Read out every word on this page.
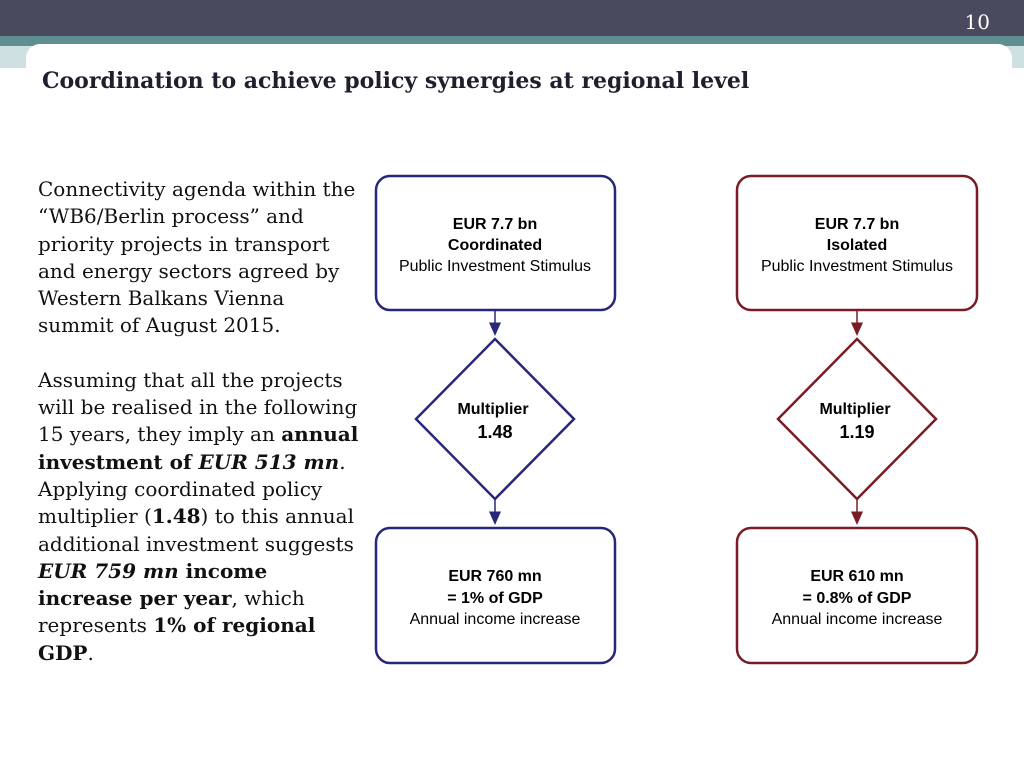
10
Coordination to achieve policy synergies at regional level

Connectivity agenda within the “WB6/Berlin process” and priority projects in transport and energy sectors agreed by Western Balkans Vienna summit of August 2015.

Assuming that all the projects will be realised in the following 15 years, they imply an annual investment of EUR 513 mn. Applying coordinated policy multiplier (1.48) to this annual additional investment suggests EUR 759 mn income increase per year, which represents 1% of regional GDP.

EUR 7.7 bn
Coordinated
Public Investment Stimulus
Multiplier
1.48
EUR 760 mn
= 1% of GDP
Annual income increase
EUR 7.7 bn
Isolated
Public Investment Stimulus
Multiplier
1.19
EUR 610 mn
= 0.8% of GDP
Annual income increase
